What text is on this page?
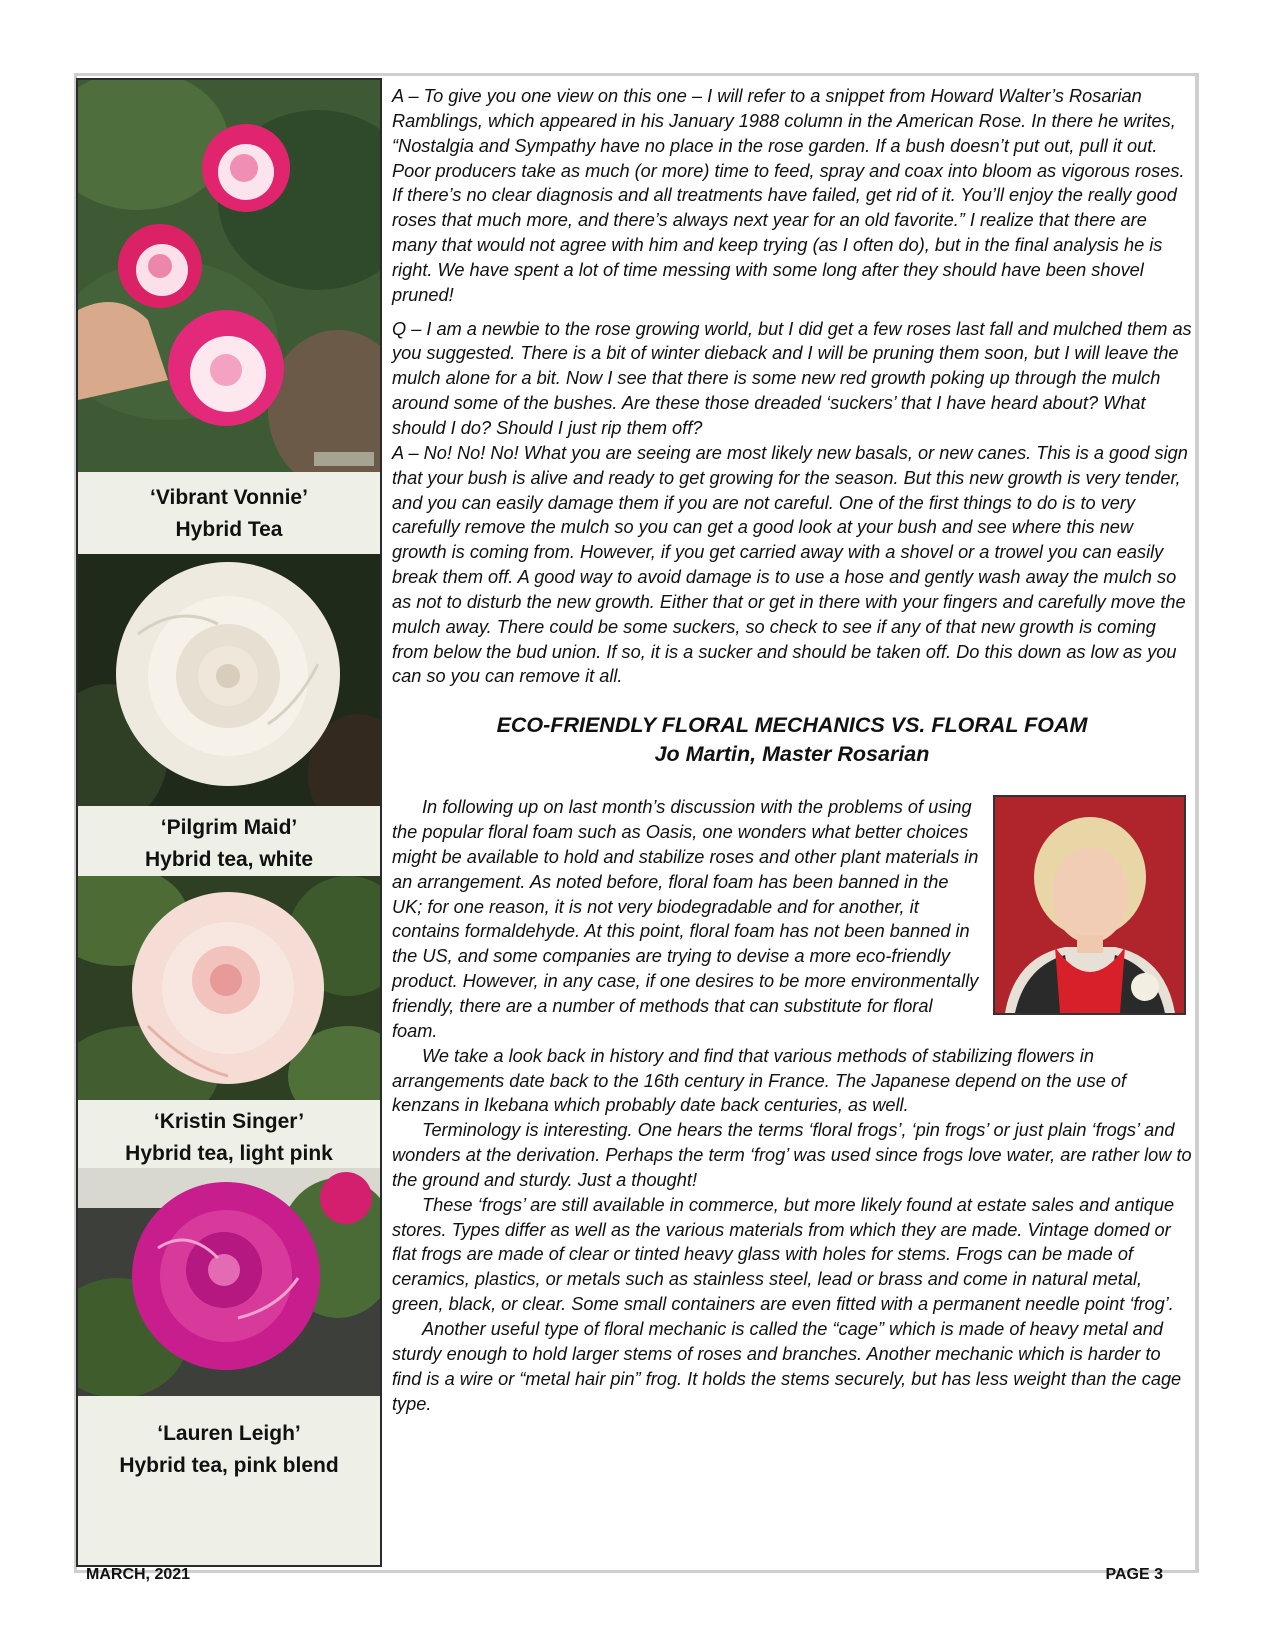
‘Vibrant Vonnie’
Hybrid Tea
‘Pilgrim Maid’
Hybrid tea, white
‘Kristin Singer’
Hybrid tea, light pink
‘Lauren Leigh’
Hybrid tea, pink blend

A – To give you one view on this one – I will refer to a snippet from Howard Walter’s Rosarian Ramblings, which appeared in his January 1988 column in the American Rose. In there he writes, “Nostalgia and Sympathy have no place in the rose garden. If a bush doesn’t put out, pull it out. Poor producers take as much (or more) time to feed, spray and coax into bloom as vigorous roses. If there’s no clear diagnosis and all treatments have failed, get rid of it. You’ll enjoy the really good roses that much more, and there’s always next year for an old favorite.” I realize that there are many that would not agree with him and keep trying (as I often do), but in the final analysis he is right. We have spent a lot of time messing with some long after they should have been shovel pruned!

Q – I am a newbie to the rose growing world, but I did get a few roses last fall and mulched them as you suggested. There is a bit of winter dieback and I will be pruning them soon, but I will leave the mulch alone for a bit. Now I see that there is some new red growth poking up through the mulch around some of the bushes. Are these those dreaded ‘suckers’ that I have heard about? What should I do? Should I just rip them off?

A – No! No! No! What you are seeing are most likely new basals, or new canes. This is a good sign that your bush is alive and ready to get growing for the season. But this new growth is very tender, and you can easily damage them if you are not careful. One of the first things to do is to very carefully remove the mulch so you can get a good look at your bush and see where this new growth is coming from. However, if you get carried away with a shovel or a trowel you can easily break them off. A good way to avoid damage is to use a hose and gently wash away the mulch so as not to disturb the new growth. Either that or get in there with your fingers and carefully move the mulch away. There could be some suckers, so check to see if any of that new growth is coming from below the bud union. If so, it is a sucker and should be taken off. Do this down as low as you can so you can remove it all.

ECO-FRIENDLY FLORAL MECHANICS VS. FLORAL FOAM
Jo Martin, Master Rosarian

In following up on last month’s discussion with the problems of using the popular floral foam such as Oasis, one wonders what better choices might be available to hold and stabilize roses and other plant materials in an arrangement. As noted before, floral foam has been banned in the UK; for one reason, it is not very biodegradable and for another, it contains formaldehyde. At this point, floral foam has not been banned in the US, and some companies are trying to devise a more eco-friendly product. However, in any case, if one desires to be more environmentally friendly, there are a number of methods that can substitute for floral foam.

We take a look back in history and find that various methods of stabilizing flowers in arrangements date back to the 16th century in France. The Japanese depend on the use of kenzans in Ikebana which probably date back centuries, as well.

Terminology is interesting. One hears the terms ‘floral frogs’, ‘pin frogs’ or just plain ‘frogs’ and wonders at the derivation. Perhaps the term ‘frog’ was used since frogs love water, are rather low to the ground and sturdy. Just a thought!

These ‘frogs’ are still available in commerce, but more likely found at estate sales and antique stores. Types differ as well as the various materials from which they are made. Vintage domed or flat frogs are made of clear or tinted heavy glass with holes for stems. Frogs can be made of ceramics, plastics, or metals such as stainless steel, lead or brass and come in natural metal, green, black, or clear. Some small containers are even fitted with a permanent needle point ‘frog’.

Another useful type of floral mechanic is called the “cage” which is made of heavy metal and sturdy enough to hold larger stems of roses and branches. Another mechanic which is harder to find is a wire or “metal hair pin” frog. It holds the stems securely, but has less weight than the cage type.

MARCH, 2021	PAGE 3
